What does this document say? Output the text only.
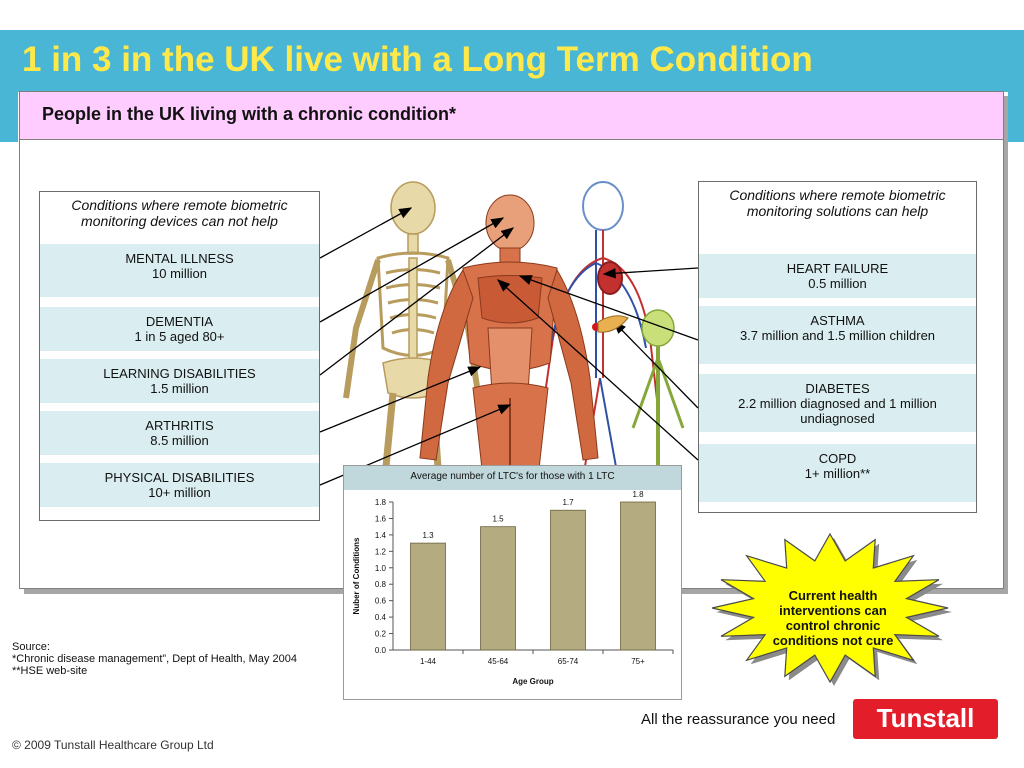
1 in 3 in the UK live with a Long Term Condition
People in the UK living with a chronic condition*
Conditions where remote biometric monitoring devices can not help
MENTAL ILLNESS
10 million
DEMENTIA
1 in 5 aged 80+
LEARNING DISABILITIES
1.5 million
ARTHRITIS
8.5 million
PHYSICAL DISABILITIES
10+ million
Conditions where remote biometric monitoring solutions can help
HEART FAILURE
0.5 million
ASTHMA
3.7 million and 1.5 million children
DIABETES
2.2 million diagnosed and 1 million undiagnosed
COPD
1+ million**
Average number of LTC's for those with 1 LTC
0.0
0.2
0.4
0.6
0.8
1.0
1.2
1.4
1.6
1.8
1.3
1-44
1.5
45-64
1.7
65-74
1.8
75+
Age Group
Nuber of Conditions	Current health interventions can control chronic conditions not cure
Source:
*Chronic disease management”, Dept of Health, May 2004
**HSE web-site
All the reassurance you need	Tunstall
© 2009 Tunstall Healthcare Group Ltd
